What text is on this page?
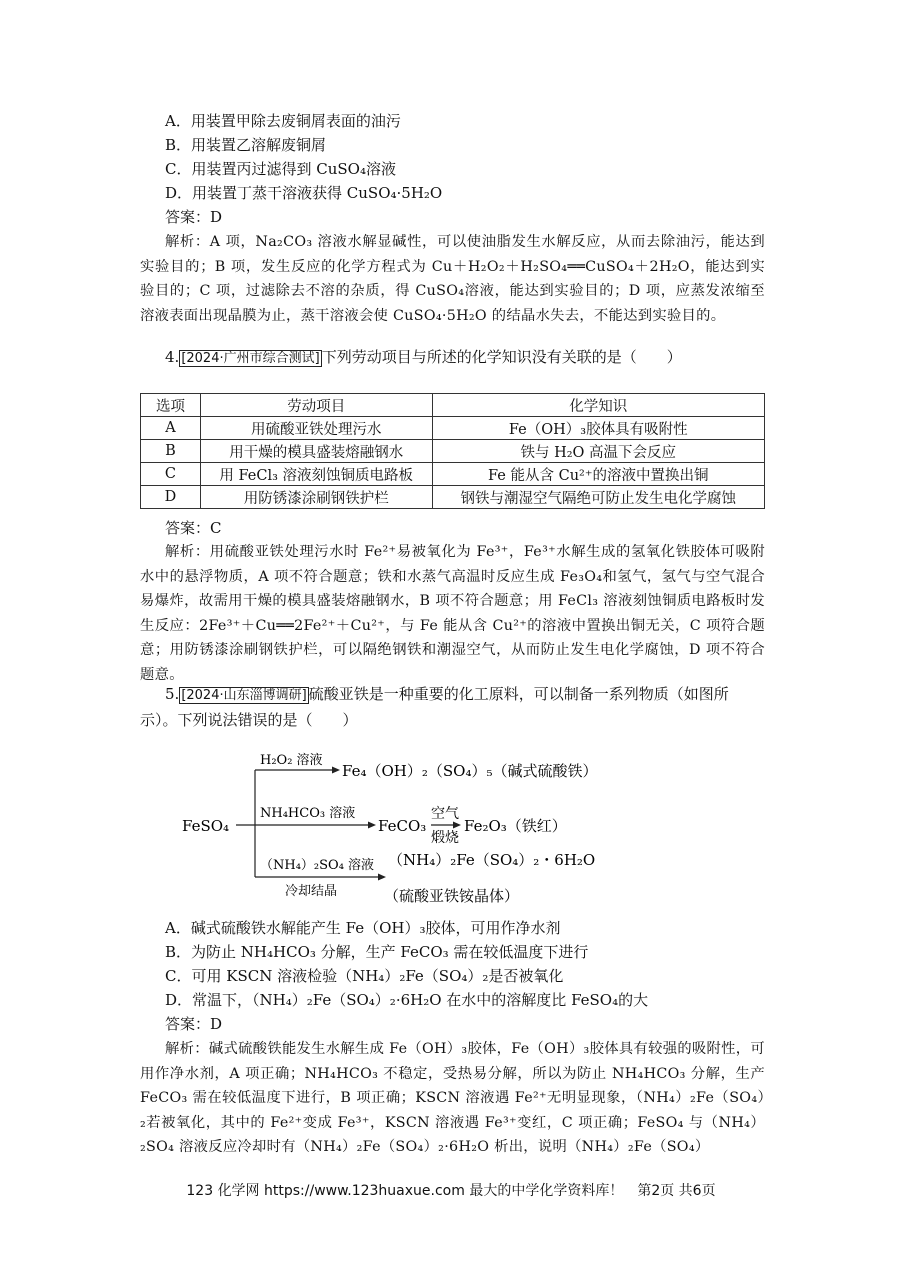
A．用装置甲除去废铜屑表面的油污
B．用装置乙溶解废铜屑
C．用装置丙过滤得到 CuSO₄溶液
D．用装置丁蒸干溶液获得 CuSO₄·5H₂O
答案：D
解析：A 项，Na₂CO₃ 溶液水解显碱性，可以使油脂发生水解反应，从而去除油污，能达到实验目的；B 项，发生反应的化学方程式为 Cu＋H₂O₂＋H₂SO₄══CuSO₄＋2H₂O，能达到实验目的；C 项，过滤除去不溶的杂质，得 CuSO₄溶液，能达到实验目的；D 项，应蒸发浓缩至溶液表面出现晶膜为止，蒸干溶液会使 CuSO₄·5H₂O 的结晶水失去，不能达到实验目的。
4. [2024·广州市综合测试] 下列劳动项目与所述的化学知识没有关联的是（　　）
选项	劳动项目	化学知识
A	用硫酸亚铁处理污水	Fe（OH）₃胶体具有吸附性
B	用干燥的模具盛装熔融钢水	铁与 H₂O 高温下会反应
C	用 FeCl₃ 溶液刻蚀铜质电路板	Fe 能从含 Cu²⁺的溶液中置换出铜
D	用防锈漆涂刷钢铁护栏	钢铁与潮湿空气隔绝可防止发生电化学腐蚀
答案：C
解析：用硫酸亚铁处理污水时 Fe²⁺易被氧化为 Fe³⁺，Fe³⁺水解生成的氢氧化铁胶体可吸附水中的悬浮物质，A 项不符合题意；铁和水蒸气高温时反应生成 Fe₃O₄和氢气，氢气与空气混合易爆炸，故需用干燥的模具盛装熔融钢水，B 项不符合题意；用 FeCl₃ 溶液刻蚀铜质电路板时发生反应：2Fe³⁺＋Cu══2Fe²⁺＋Cu²⁺，与 Fe 能从含 Cu²⁺的溶液中置换出铜无关，C 项符合题意；用防锈漆涂刷钢铁护栏，可以隔绝钢铁和潮湿空气，从而防止发生电化学腐蚀，D 项不符合题意。
5. [2024·山东淄博调研] 硫酸亚铁是一种重要的化工原料，可以制备一系列物质（如图所示）。下列说法错误的是（　　）
FeSO₄
H₂O₂ 溶液
Fe₄（OH）₂（SO₄）₅（碱式硫酸铁）
NH₄HCO₃ 溶液
FeCO₃
空气
煅烧
Fe₂O₃（铁红）
（NH₄）₂SO₄ 溶液 （NH₄）₂Fe（SO₄）₂・6H₂O
冷却结晶	（硫酸亚铁铵晶体）
A．碱式硫酸铁水解能产生 Fe（OH）₃胶体，可用作净水剂
B．为防止 NH₄HCO₃ 分解，生产 FeCO₃ 需在较低温度下进行
C．可用 KSCN 溶液检验（NH₄）₂Fe（SO₄）₂是否被氧化
D．常温下，（NH₄）₂Fe（SO₄）₂·6H₂O 在水中的溶解度比 FeSO₄的大
答案：D
解析：碱式硫酸铁能发生水解生成 Fe（OH）₃胶体，Fe（OH）₃胶体具有较强的吸附性，可用作净水剂，A 项正确；NH₄HCO₃ 不稳定，受热易分解，所以为防止 NH₄HCO₃ 分解，生产 FeCO₃ 需在较低温度下进行，B 项正确；KSCN 溶液遇 Fe²⁺无明显现象，（NH₄）₂Fe（SO₄）₂若被氧化，其中的 Fe²⁺变成 Fe³⁺，KSCN 溶液遇 Fe³⁺变红，C 项正确；FeSO₄ 与（NH₄）₂SO₄ 溶液反应冷却时有（NH₄）₂Fe（SO₄）₂·6H₂O 析出，说明（NH₄）₂Fe（SO₄）
123 化学网 https://www.123huaxue.com 最大的中学化学资料库！　第2页 共6页
